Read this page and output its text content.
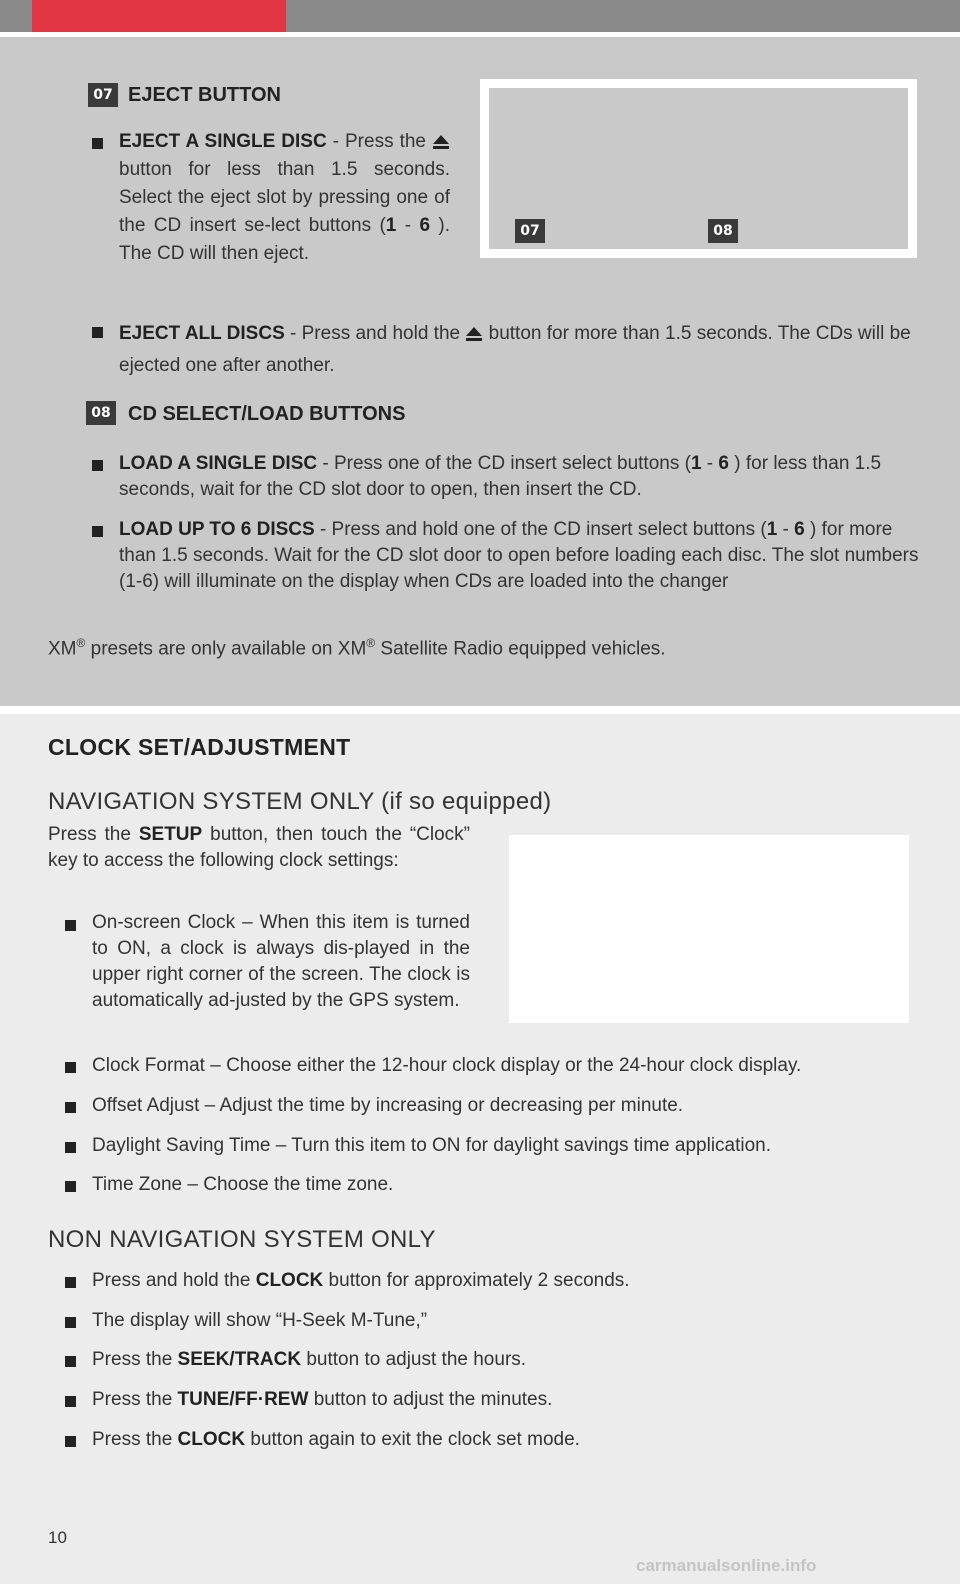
07 EJECT BUTTON
EJECT A SINGLE DISC - Press the
button for less than 1.5 seconds. Select the eject slot by pressing one of the CD insert se-lect buttons (1 - 6 ). The CD will then eject.
EJECT ALL DISCS - Press and hold the button for more than 1.5 seconds. The CDs will be ejected one after another.
07	08
08 CD SELECT/LOAD BUTTONS
LOAD A SINGLE DISC - Press one of the CD insert select buttons (1 - 6 ) for less than 1.5 seconds, wait for the CD slot door to open, then insert the CD.
LOAD UP TO 6 DISCS - Press and hold one of the CD insert select buttons (1 - 6 ) for more than 1.5 seconds. Wait for the CD slot door to open before loading each disc. The slot numbers (1-6) will illuminate on the display when CDs are loaded into the changer
XM® presets are only available on XM® Satellite Radio equipped vehicles.
CLOCK SET/ADJUSTMENT
NAVIGATION SYSTEM ONLY (if so equipped)
Press the SETUP button, then touch the “Clock” key to access the following clock settings:
On-screen Clock – When this item is turned to ON, a clock is always dis-played in the upper right corner of the screen. The clock is automatically ad-justed by the GPS system.
Clock Format – Choose either the 12-hour clock display or the 24-hour clock display.
Offset Adjust – Adjust the time by increasing or decreasing per minute.
Daylight Saving Time – Turn this item to ON for daylight savings time application.
Time Zone – Choose the time zone.
NON NAVIGATION SYSTEM ONLY
Press and hold the CLOCK button for approximately 2 seconds.
The display will show “H-Seek M-Tune,”
Press the SEEK/TRACK button to adjust the hours.
Press the TUNE/FF·REW button to adjust the minutes.
Press the CLOCK button again to exit the clock set mode.
10
carmanualsonline.info
